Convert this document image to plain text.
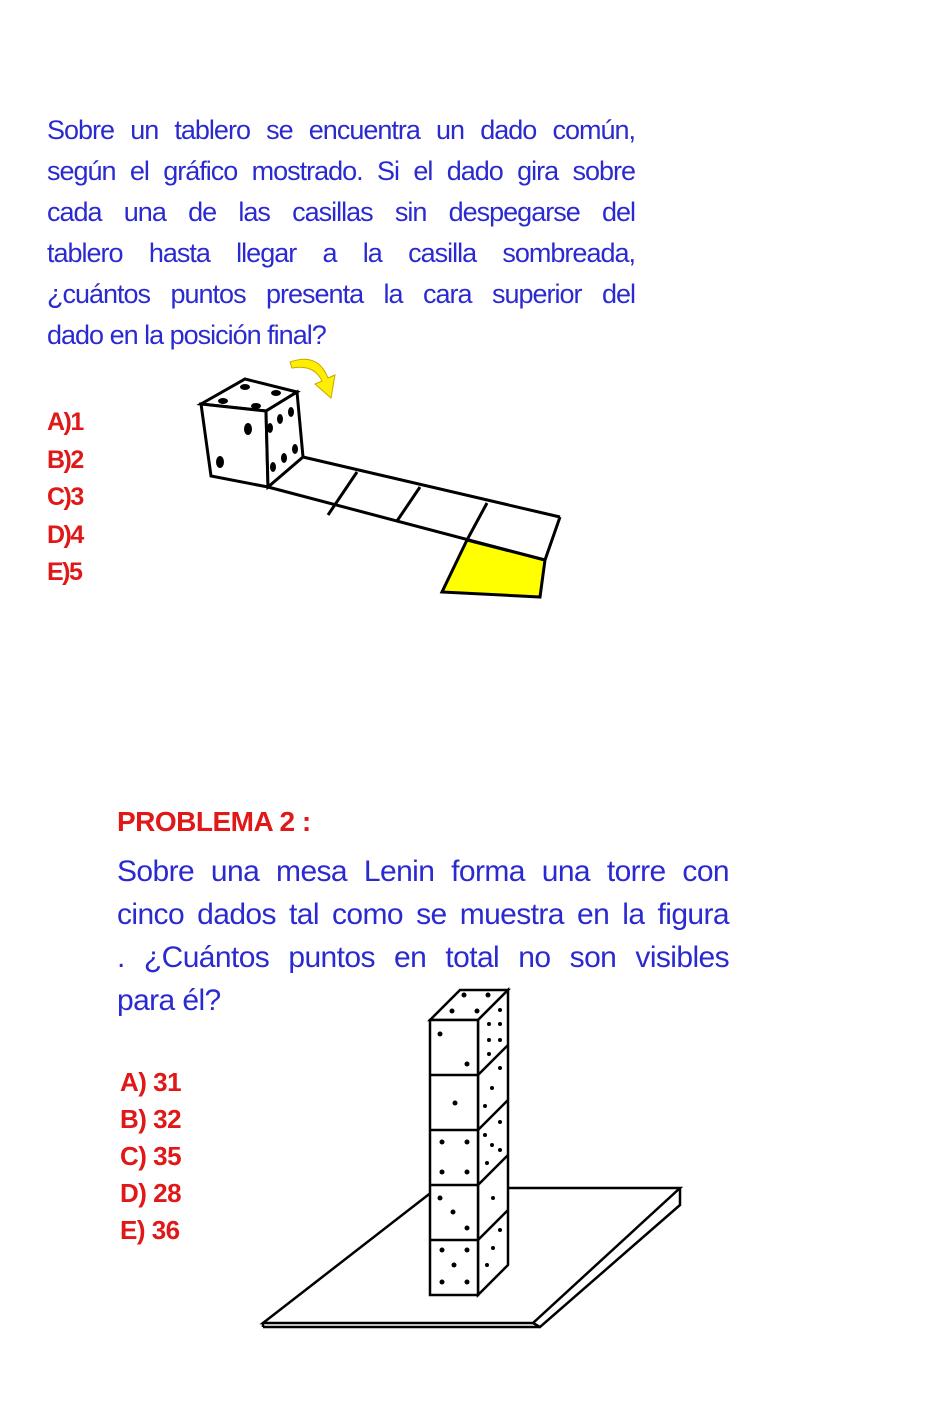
Sobre un tablero se encuentra un dado común,
según el gráfico mostrado. Si el dado gira sobre
cada una de las casillas sin despegarse del
tablero hasta llegar a la casilla sombreada,
¿cuántos puntos presenta la cara superior del
dado en la posición final?
A)1
B)2
C)3
D)4
E)5
PROBLEMA 2 :
Sobre una mesa Lenin forma una torre con
cinco dados tal como se muestra en la figura
. ¿Cuántos puntos en total no son visibles
para él?
A) 31
B) 32
C) 35
D) 28
E) 36
